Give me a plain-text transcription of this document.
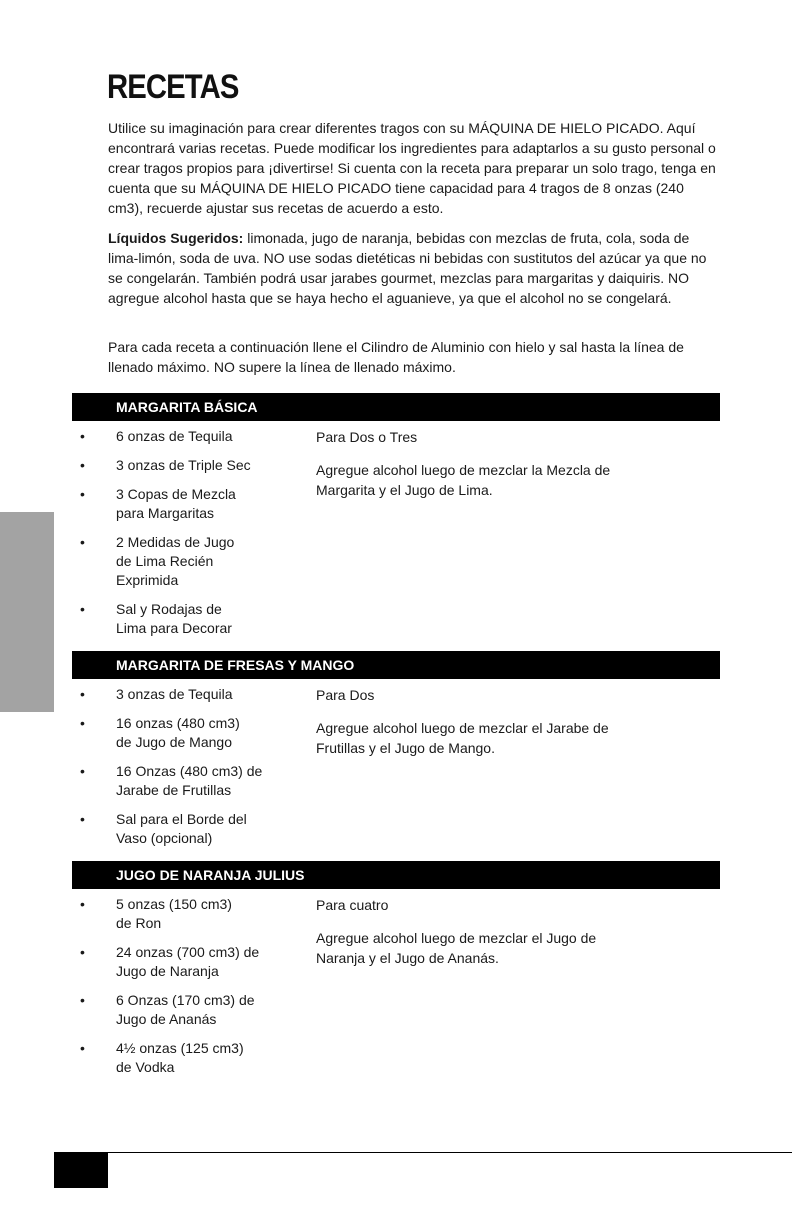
RECETAS

Utilice su imaginación para crear diferentes tragos con su MÁQUINA DE HIELO PICADO. Aquí encontrará varias recetas. Puede modificar los ingredientes para adaptarlos a su gusto personal o crear tragos propios para ¡divertirse! Si cuenta con la receta para preparar un solo trago, tenga en cuenta que su MÁQUINA DE HIELO PICADO tiene capacidad para 4 tragos de 8 onzas (240 cm3), recuerde ajustar sus recetas de acuerdo a esto.

Líquidos Sugeridos: limonada, jugo de naranja, bebidas con mezclas de fruta, cola, soda de lima-limón, soda de uva. NO use sodas dietéticas ni bebidas con sustitutos del azúcar ya que no se congelarán. También podrá usar jarabes gourmet, mezclas para margaritas y daiquiris. NO agregue alcohol hasta que se haya hecho el aguanieve, ya que el alcohol no se congelará.

Para cada receta a continuación llene el Cilindro de Aluminio con hielo y sal hasta la línea de llenado máximo. NO supere la línea de llenado máximo.

MARGARITA BÁSICA
• 6 onzas de Tequila
• 3 onzas de Triple Sec
• 3 Copas de Mezcla para Margaritas
• 2 Medidas de Jugo de Lima Recién Exprimida
• Sal y Rodajas de Lima para Decorar

Para Dos o Tres

Agregue alcohol luego de mezclar la Mezcla de Margarita y el Jugo de Lima.

MARGARITA DE FRESAS Y MANGO
• 3 onzas de Tequila
• 16 onzas (480 cm3) de Jugo de Mango
• 16 Onzas (480 cm3) de Jarabe de Frutillas
• Sal para el Borde del Vaso (opcional)

Para Dos

Agregue alcohol luego de mezclar el Jarabe de Frutillas y el Jugo de Mango.

JUGO DE NARANJA JULIUS
• 5 onzas (150 cm3) de Ron
• 24 onzas (700 cm3) de Jugo de Naranja
• 6 Onzas (170 cm3) de Jugo de Ananás
• 4½ onzas (125 cm3) de Vodka

Para cuatro

Agregue alcohol luego de mezclar el Jugo de Naranja y el Jugo de Ananás.
